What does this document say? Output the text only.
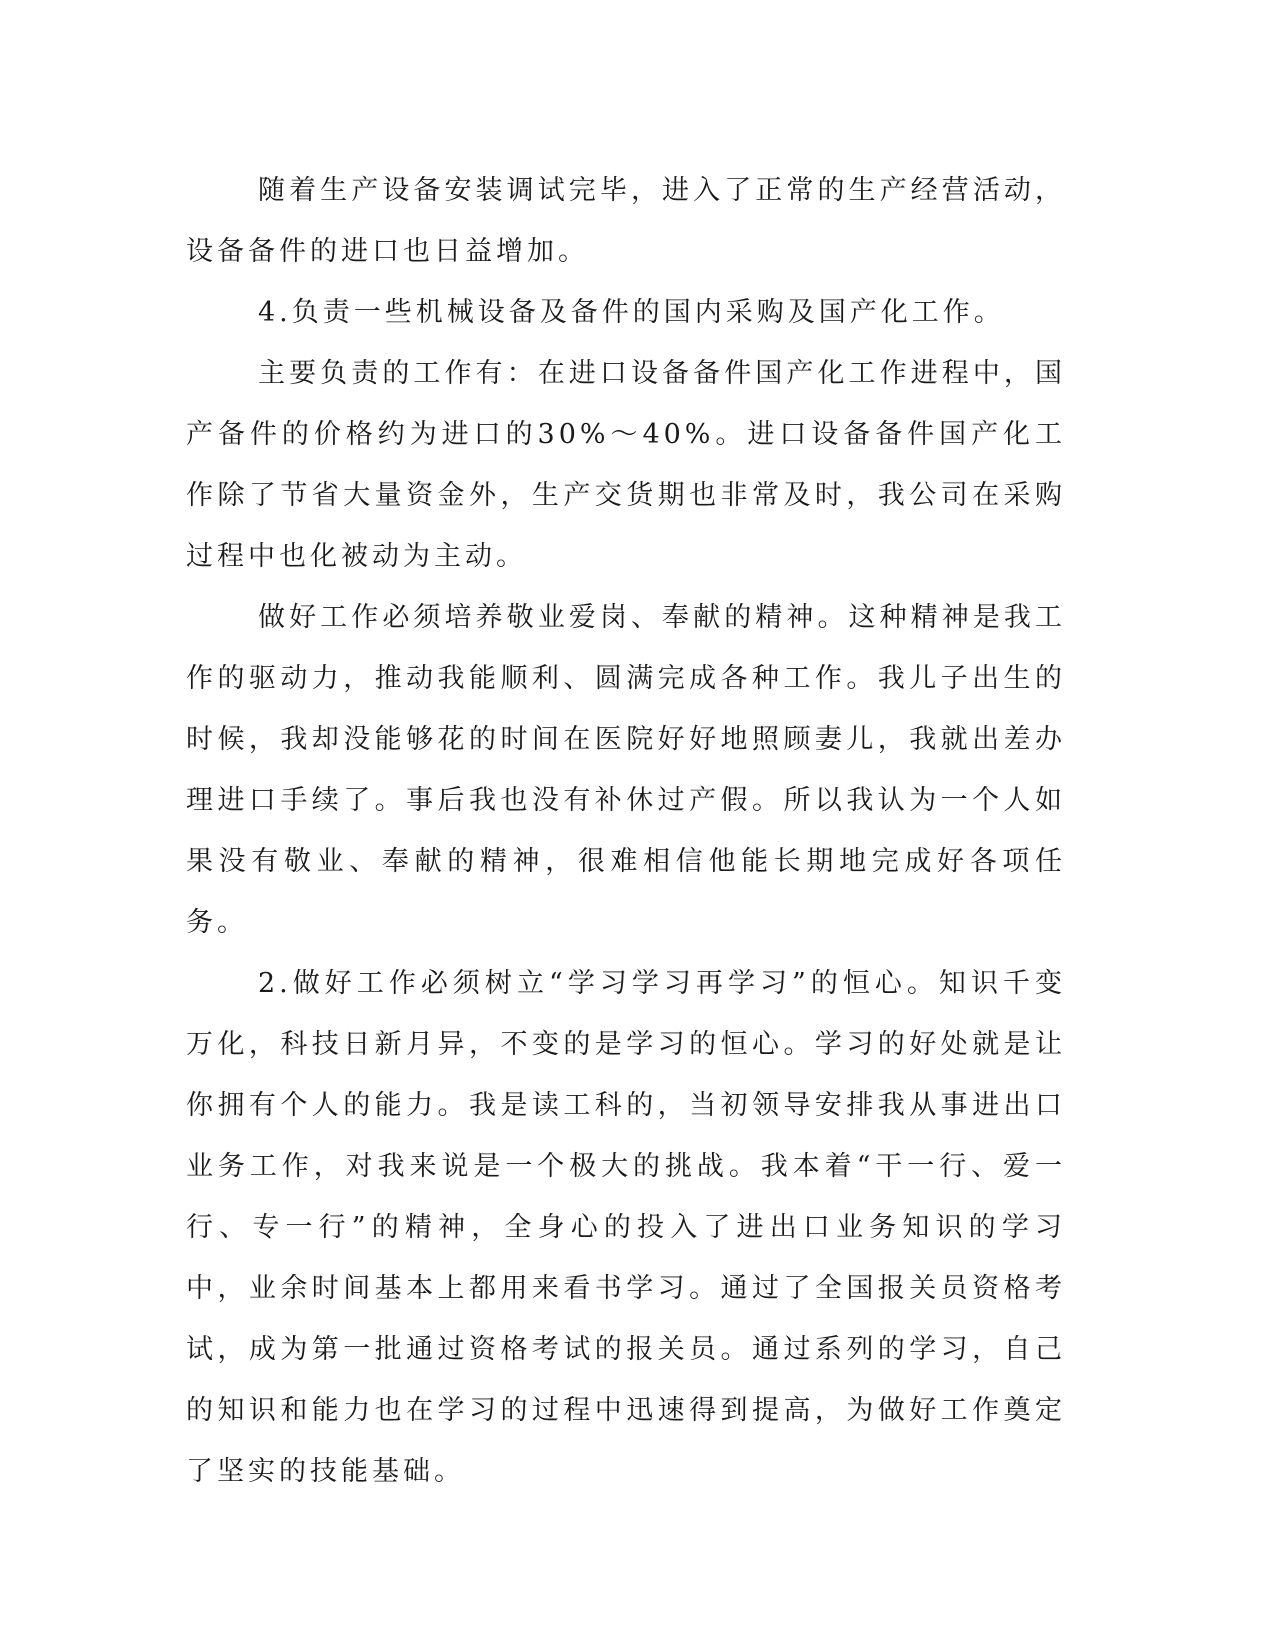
随着生产设备安装调试完毕，进入了正常的生产经营活动，设备备件的进口也日益增加。

4.负责一些机械设备及备件的国内采购及国产化工作。

主要负责的工作有：在进口设备备件国产化工作进程中，国产备件的价格约为进口的30%～40%。进口设备备件国产化工作除了节省大量资金外，生产交货期也非常及时，我公司在采购过程中也化被动为主动。

做好工作必须培养敬业爱岗、奉献的精神。这种精神是我工作的驱动力，推动我能顺利、圆满完成各种工作。我儿子出生的时候，我却没能够花的时间在医院好好地照顾妻儿，我就出差办理进口手续了。事后我也没有补休过产假。所以我认为一个人如果没有敬业、奉献的精神，很难相信他能长期地完成好各项任务。

2.做好工作必须树立“学习学习再学习”的恒心。知识千变万化，科技日新月异，不变的是学习的恒心。学习的好处就是让你拥有个人的能力。我是读工科的，当初领导安排我从事进出口业务工作，对我来说是一个极大的挑战。我本着“干一行、爱一行、专一行”的精神，全身心的投入了进出口业务知识的学习中，业余时间基本上都用来看书学习。通过了全国报关员资格考试，成为第一批通过资格考试的报关员。通过系列的学习，自己的知识和能力也在学习的过程中迅速得到提高，为做好工作奠定了坚实的技能基础。
